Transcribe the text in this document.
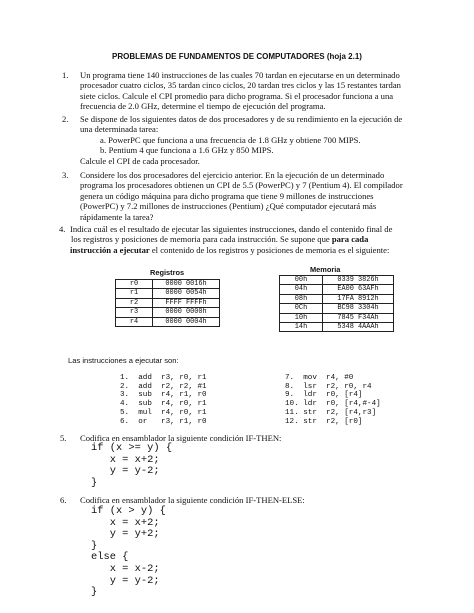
PROBLEMAS DE FUNDAMENTOS DE COMPUTADORES (hoja 2.1)
1. Un programa tiene 140 instrucciones de las cuales 70 tardan en ejecutarse en un determinado
procesador cuatro ciclos, 35 tardan cinco ciclos, 20 tardan tres ciclos y las 15 restantes tardan
siete ciclos. Calcule el CPI promedio para dicho programa. Si el procesador funciona a una
frecuencia de 2.0 GHz, determine el tiempo de ejecución del programa.
2. Se dispone de los siguientes datos de dos procesadores y de su rendimiento en la ejecución de
una determinada tarea:
a. PowerPC que funciona a una frecuencia de 1.8 GHz y obtiene 700 MIPS.
b. Pentium 4 que funciona a 1.6 GHz y 850 MIPS.
Calcule el CPI de cada procesador.
3. Considere los dos procesadores del ejercicio anterior. En la ejecución de un determinado
programa los procesadores obtienen un CPI de 5.5 (PowerPC) y 7 (Pentium 4). El compilador
genera un código máquina para dicho programa que tiene 9 millones de instrucciones
(PowerPC) y 7.2 millones de instrucciones (Pentium) ¿Qué computador ejecutará más
rápidamente la tarea?
4. Indica cuál es el resultado de ejecutar las siguientes instrucciones, dando el contenido final de
los registros y posiciones de memoria para cada instrucción. Se supone que para cada
instrucción a ejecutar el contenido de los registros y posiciones de memoria es el siguiente:
Registros
r0	0000 0016h
r1	0000 0054h
r2	FFFF FFFFh
r3	0000 0000h
r4	0000 0004h
Memoria
00h	0339 3826h
04h	EA00 63AFh
08h	17FA 8912h
0Ch	BC98 3304h
10h	7845 F34Ah
14h	5348 4AAAh
Las instrucciones a ejecutar son:
1.  add  r3, r0, r1
2.  add  r2, r2, #1
3.  sub  r4, r1, r0
4.  sub  r4, r0, r1
5.  mul  r4, r0, r1
6.  or   r3, r1, r0
7.  mov  r4, #0
8.  lsr  r2, r0, r4
9.  ldr  r0, [r4]
10. ldr  r0, [r4,#-4]
11. str  r2, [r4,r3]
12. str  r2, [r0]
5. Codifica en ensamblador la siguiente condición IF-THEN:
if (x >= y) {
x = x+2;
y = y-2;
}
6. Codifica en ensamblador la siguiente condición IF-THEN-ELSE:
if (x > y) {
x = x+2;
y = y+2;
}
else {
x = x-2;
y = y-2;
}
